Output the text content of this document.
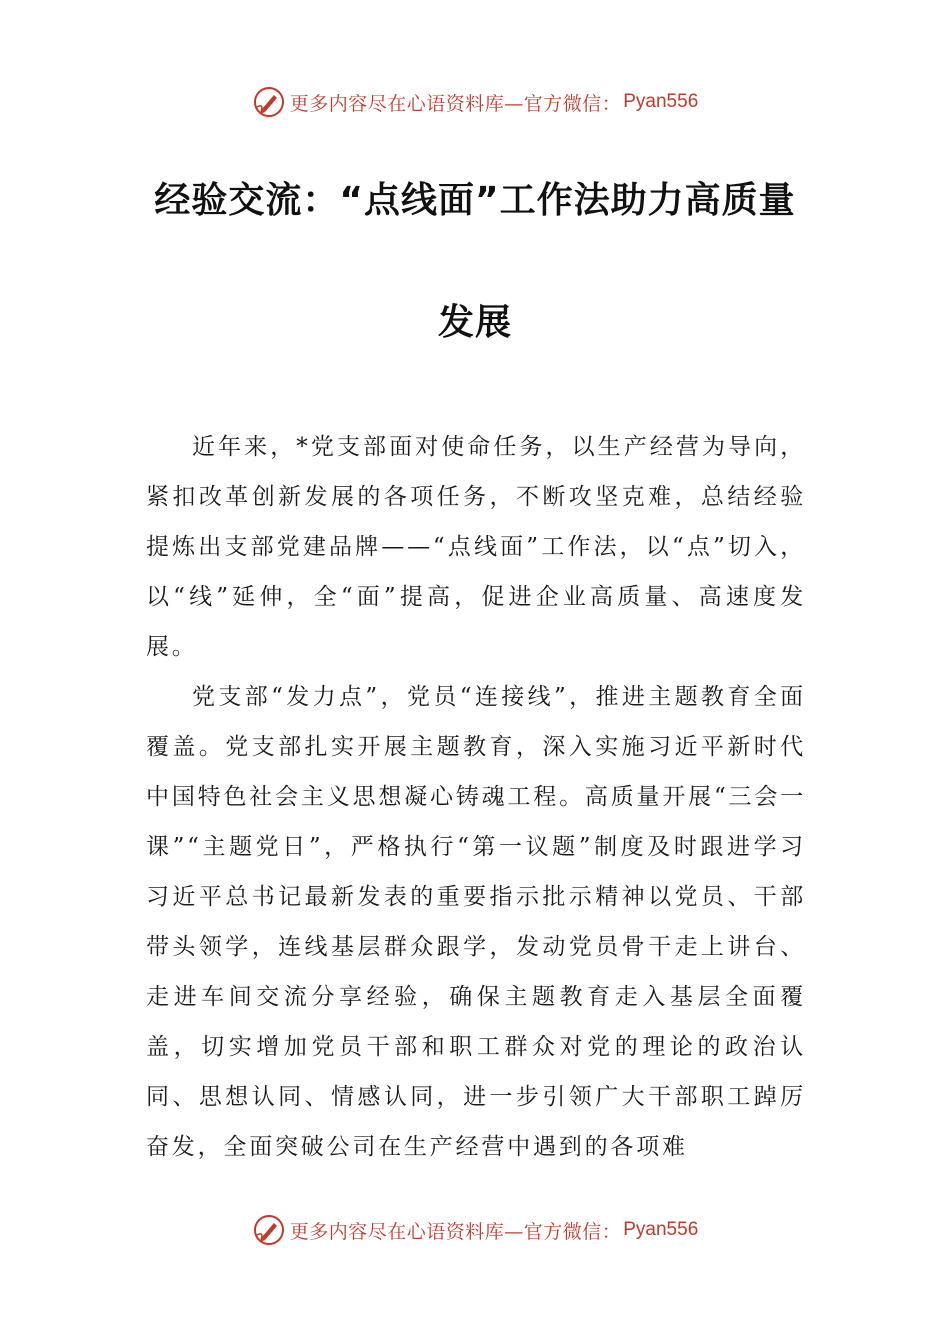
更多内容尽在心语资料库—官方微信： Pyan556
经验交流：“点线面”工作法助力高质量
发展

近年来，*党支部面对使命任务，以生产经营为导向，紧扣改革创新发展的各项任务，不断攻坚克难，总结经验提炼出支部党建品牌——“点线面”工作法，以“点”切入，以“线”延伸，全“面”提高，促进企业高质量、高速度发展。

党支部“发力点”，党员“连接线”，推进主题教育全面覆盖。党支部扎实开展主题教育，深入实施习近平新时代中国特色社会主义思想凝心铸魂工程。高质量开展“三会一课”“主题党日”，严格执行“第一议题”制度及时跟进学习习近平总书记最新发表的重要指示批示精神以党员、干部带头领学，连线基层群众跟学，发动党员骨干走上讲台、走进车间交流分享经验，确保主题教育走入基层全面覆盖，切实增加党员干部和职工群众对党的理论的政治认同、思想认同、情感认同，进一步引领广大干部职工踔厉奋发，全面突破公司在生产经营中遇到的各项难

更多内容尽在心语资料库—官方微信： Pyan556
